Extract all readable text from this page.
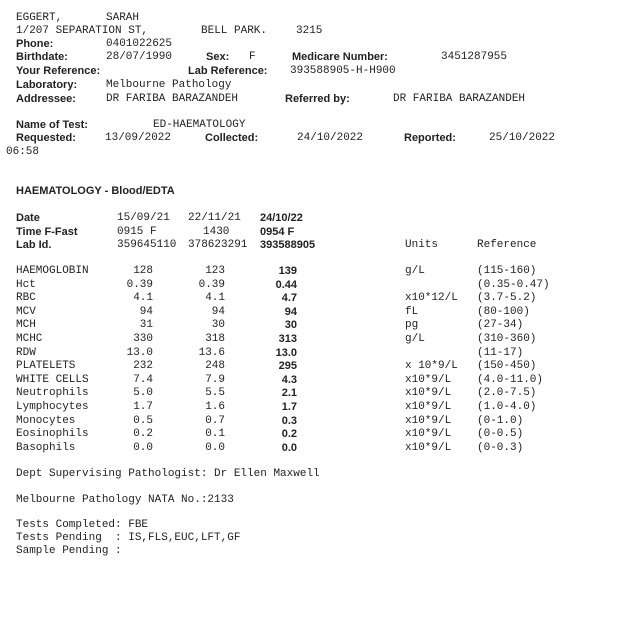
EGGERT,	SARAH
1/207 SEPARATION ST,	BELL PARK.	3215
Phone:	0401022625
Birthdate:	28/07/1990	Sex: F	Medicare Number:	3451287955
Your Reference:	Lab Reference: 393588905-H-H900
Laboratory:	Melbourne Pathology
Addressee:	DR FARIBA BARAZANDEH	Referred by:	DR FARIBA BARAZANDEH
Name of Test:	ED-HAEMATOLOGY
Requested:	13/09/2022	Collected:	24/10/2022	Reported:	25/10/2022
06:58
HAEMATOLOGY - Blood/EDTA
Date	15/09/21 22/11/21 24/10/22
Time F-Fast	0915 F	1430	0954 F
Lab Id.	359645110 378623291 393588905	Units	Reference
HAEMOGLOBIN	128	123	139	g/L	(115-160)
Hct	0.39	0.39	0.44	(0.35-0.47)
RBC	4.1	4.1	4.7	x10*12/L (3.7-5.2)
MCV	94	94	94	fL	(80-100)
MCH	31	30	30	pg	(27-34)
MCHC	330	318	313	g/L	(310-360)
RDW	13.0	13.6	13.0	(11-17)
PLATELETS	232	248	295	x 10*9/L (150-450)
WHITE CELLS	7.4	7.9	4.3	x10*9/L (4.0-11.0)
Neutrophils	5.0	5.5	2.1	x10*9/L (2.0-7.5)
Lymphocytes	1.7	1.6	1.7	x10*9/L (1.0-4.0)
Monocytes	0.5	0.7	0.3	x10*9/L (0-1.0)
Eosinophils	0.2	0.1	0.2	x10*9/L (0-0.5)
Basophils	0.0	0.0	0.0	x10*9/L (0-0.3)
Dept Supervising Pathologist: Dr Ellen Maxwell
Melbourne Pathology NATA No.:2133
Tests Completed: FBE
Tests Pending  : IS,FLS,EUC,LFT,GF
Sample Pending :
